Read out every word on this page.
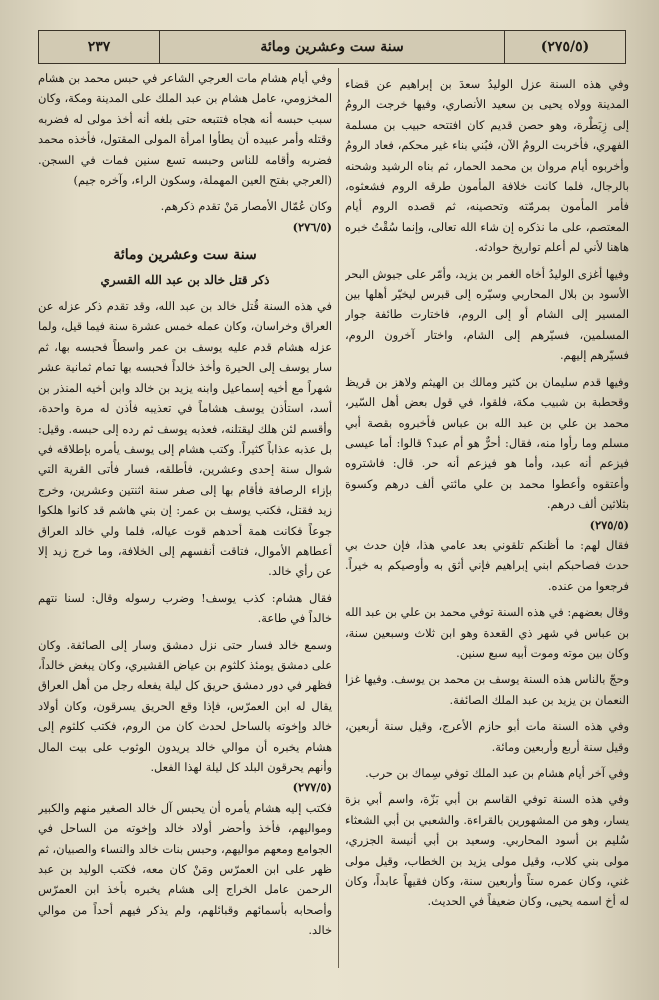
(٢٧٥/٥)
سنة ست وعشرين ومائة
٢٣٧

وفي هذه السنة عزل الوليدُ سعدَ بن إبراهيم عن قضاء المدينة وولاه يحيى بن سعيد الأنصاري، وفيها خرجت الرومُ إلى زِبَطْرة، وهو حصن قديم كان افتتحه حبيب بن مسلمة الفهري، فأخربت الرومُ الآن، فبُني بناء غير محكم، فعاد الرومُ وأخربوه أيام مروان بن محمد الحمار، ثم بناه الرشيد وشحنه بالرجال، فلما كانت خلافة المأمون طرقه الروم فشعثوه، فأمر المأمون بمرمّته وتحصينه، ثم قصده الروم أيام المعتصم، على ما نذكره إن شاء الله تعالى، وإنما سُقْتُ خبره هاهنا لأني لم أعلم تواريخ حوادثه.

وفيها أغزى الوليدُ أخاه الغمر بن يزيد، وأمّر على جيوش البحر الأسود بن بلال المحاربي وسيّره إلى قبرس ليخيّر أهلها بين المسير إلى الشام أو إلى الروم، فاختارت طائفة جوار المسلمين، فسيّرهم إلى الشام، واختار آخرون الروم، فسيّرهم إليهم.

وفيها قدم سليمان بن كثير ومالك بن الهيثم ولاهز بن قريظ وقحطبة بن شبيب مكة، فلقوا، في قول بعض أهل السّير، محمد بن علي بن عبد الله بن عباس فأخبروه بقصة أبي مسلم وما رأوا منه، فقال: أحرٌّ هو أم عبد؟ قالوا: أما عيسى فيزعم أنه عبد، وأما هو فيزعم أنه حر. قال: فاشتروه وأعتقوه وأعطوا محمد بن علي مائتي ألف درهم وكسوة بثلاثين ألف درهم.

(٢٧٥/٥)

فقال لهم: ما أظنكم تلقوني بعد عامي هذا، فإن حدث بي حدث فصاحبكم ابني إبراهيم فإني أثق به وأوصيكم به خيراً. فرجعوا من عنده.

وقال بعضهم: في هذه السنة توفي محمد بن علي بن عبد الله بن عباس في شهر ذي القعدة وهو ابن ثلاث وسبعين سنة، وكان بين موته وموت أبيه سبع سنين.

وحجّ بالناس هذه السنة يوسف بن محمد بن يوسف. وفيها غزا النعمان بن يزيد بن عبد الملك الصائفة.

وفي هذه السنة مات أبو حازم الأعرج، وقيل سنة أربعين، وقيل سنة أربع وأربعين ومائة.

وفي آخر أيام هشام بن عبد الملك توفي سِماك بن حرب.

وفي هذه السنة توفي القاسم بن أبي بَزّة، واسم أبي بزة يسار، وهو من المشهورين بالقراءة. والشعبي بن أبي الشعثاء سُليم بن أسود المحاربي. وسعيد بن أبي أنيسة الجزري، مولى بني كلاب، وقيل مولى يزيد بن الخطاب، وقيل مولى غني، وكان عمره ستاً وأربعين سنة، وكان فقيهاً عابداً، وكان له أخ اسمه يحيى، وكان ضعيفاً في الحديث.

وفي أيام هشام مات العرجي الشاعر في حبس محمد بن هشام المخزومي، عامل هشام بن عبد الملك على المدينة ومكة، وكان سبب حبسه أنه هجاه فتتبعه حتى بلغه أنه أخذ مولى له فضربه وقتله وأمر عبيده أن يطأوا امرأة المولى المقتول، فأخذه محمد فضربه وأقامه للناس وحبسه تسع سنين فمات في السجن. (العرجي بفتح العين المهملة، وسكون الراء، وآخره جيم)

وكان عُمّال الأمصار مَنْ تقدم ذكرهم.

(٢٧٦/٥)

سنة ست وعشرين ومائة
ذكر قتل خالد بن عبد الله القسري

في هذه السنة قُتل خالد بن عبد الله، وقد تقدم ذكر عزله عن العراق وخراسان، وكان عمله خمس عشرة سنة فيما قيل، ولما عزله هشام قدم عليه يوسف بن عمر واسطاً فحبسه بها، ثم سار يوسف إلى الحيرة وأخذ خالداً فحبسه بها تمام ثمانية عشر شهراً مع أخيه إسماعيل وابنه يزيد بن خالد وابن أخيه المنذر بن أسد، استأذن يوسف هشاماً في تعذيبه فأذن له مرة واحدة، وأقسم لئن هلك ليقتلنه، فعذبه يوسف ثم رده إلى حبسه. وقيل: بل عذبه عذاباً كثيراً. وكتب هشام إلى يوسف يأمره بإطلاقه في شوال سنة إحدى وعشرين، فأطلقه، فسار فأتى القرية التي بإزاء الرصافة فأقام بها إلى صفر سنة اثنتين وعشرين، وخرج زيد فقتل، فكتب يوسف بن عمر: إن بني هاشم قد كانوا هلكوا جوعاً فكانت همة أحدهم قوت عياله، فلما ولي خالد العراق أعطاهم الأموال، فتاقت أنفسهم إلى الخلافة، وما خرج زيد إلا عن رأي خالد.

فقال هشام: كذب يوسف! وضرب رسوله وقال: لسنا نتهم خالداً في طاعة.

وسمع خالد فسار حتى نزل دمشق وسار إلى الصائفة. وكان على دمشق يومئذ كلثوم بن عياض القشيري، وكان يبغض خالداً، فظهر في دور دمشق حريق كل ليلة يفعله رجل من أهل العراق يقال له ابن العمرّس، فإذا وقع الحريق يسرقون، وكان أولاد خالد وإخوته بالساحل لحدث كان من الروم، فكتب كلثوم إلى هشام يخبره أن موالي خالد يريدون الوثوب على بيت المال وأنهم يحرقون البلد كل ليلة لهذا الفعل.

(٢٧٧/٥)

فكتب إليه هشام يأمره أن يحبس آل خالد الصغير منهم والكبير ومواليهم، فأخذ وأحضر أولاد خالد وإخوته من الساحل في الجوامع ومعهم مواليهم، وحبس بنات خالد والنساء والصبيان، ثم ظهر على ابن العمرّس ومَنْ كان معه، فكتب الوليد بن عبد الرحمن عامل الخراج إلى هشام يخبره بأخذ ابن العمرّس وأصحابه بأسمائهم وقبائلهم، ولم يذكر فيهم أحداً من موالي خالد.
